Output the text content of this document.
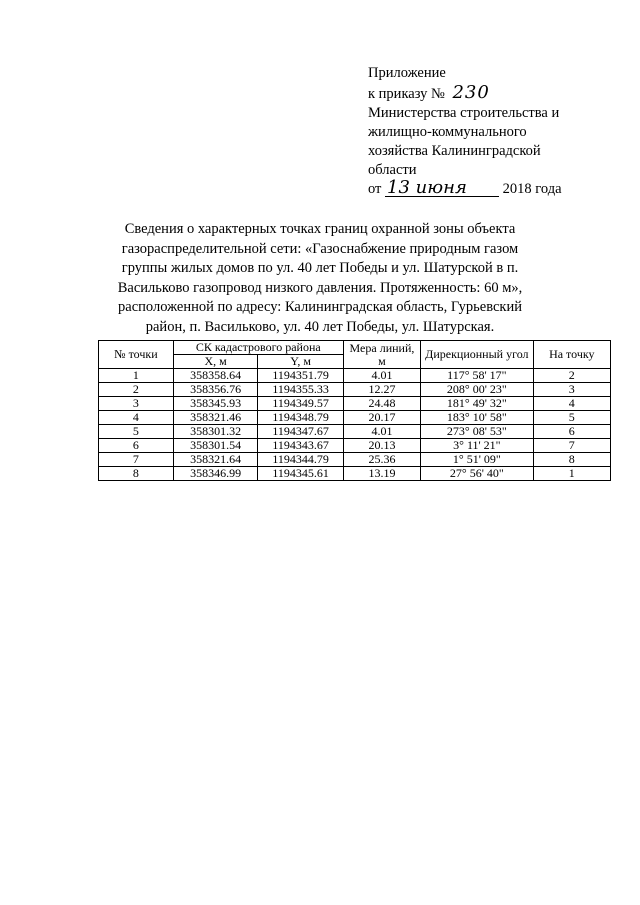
Приложение
к приказу № 230
Министерства строительства и
жилищно-коммунального
хозяйства Калининградской
области
от 13 июня 2018 года
Сведения о характерных точках границ охранной зоны объекта газораспределительной сети: «Газоснабжение природным газом группы жилых домов по ул. 40 лет Победы и ул. Шатурской в п. Васильково газопровод низкого давления. Протяженность: 60 м», расположенной по адресу: Калининградская область, Гурьевский район, п. Васильково, ул. 40 лет Победы, ул. Шатурская.
№ точки	СК кадастрового района		Мера линий, м	Дирекционный угол	На точку
	X, м	Y, м			
1	358358.64	1194351.79	4.01	117° 58' 17"	2
2	358356.76	1194355.33	12.27	208° 00' 23"	3
3	358345.93	1194349.57	24.48	181° 49' 32"	4
4	358321.46	1194348.79	20.17	183° 10' 58"	5
5	358301.32	1194347.67	4.01	273° 08' 53"	6
6	358301.54	1194343.67	20.13	3° 11' 21"	7
7	358321.64	1194344.79	25.36	1° 51' 09"	8
8	358346.99	1194345.61	13.19	27° 56' 40"	1
